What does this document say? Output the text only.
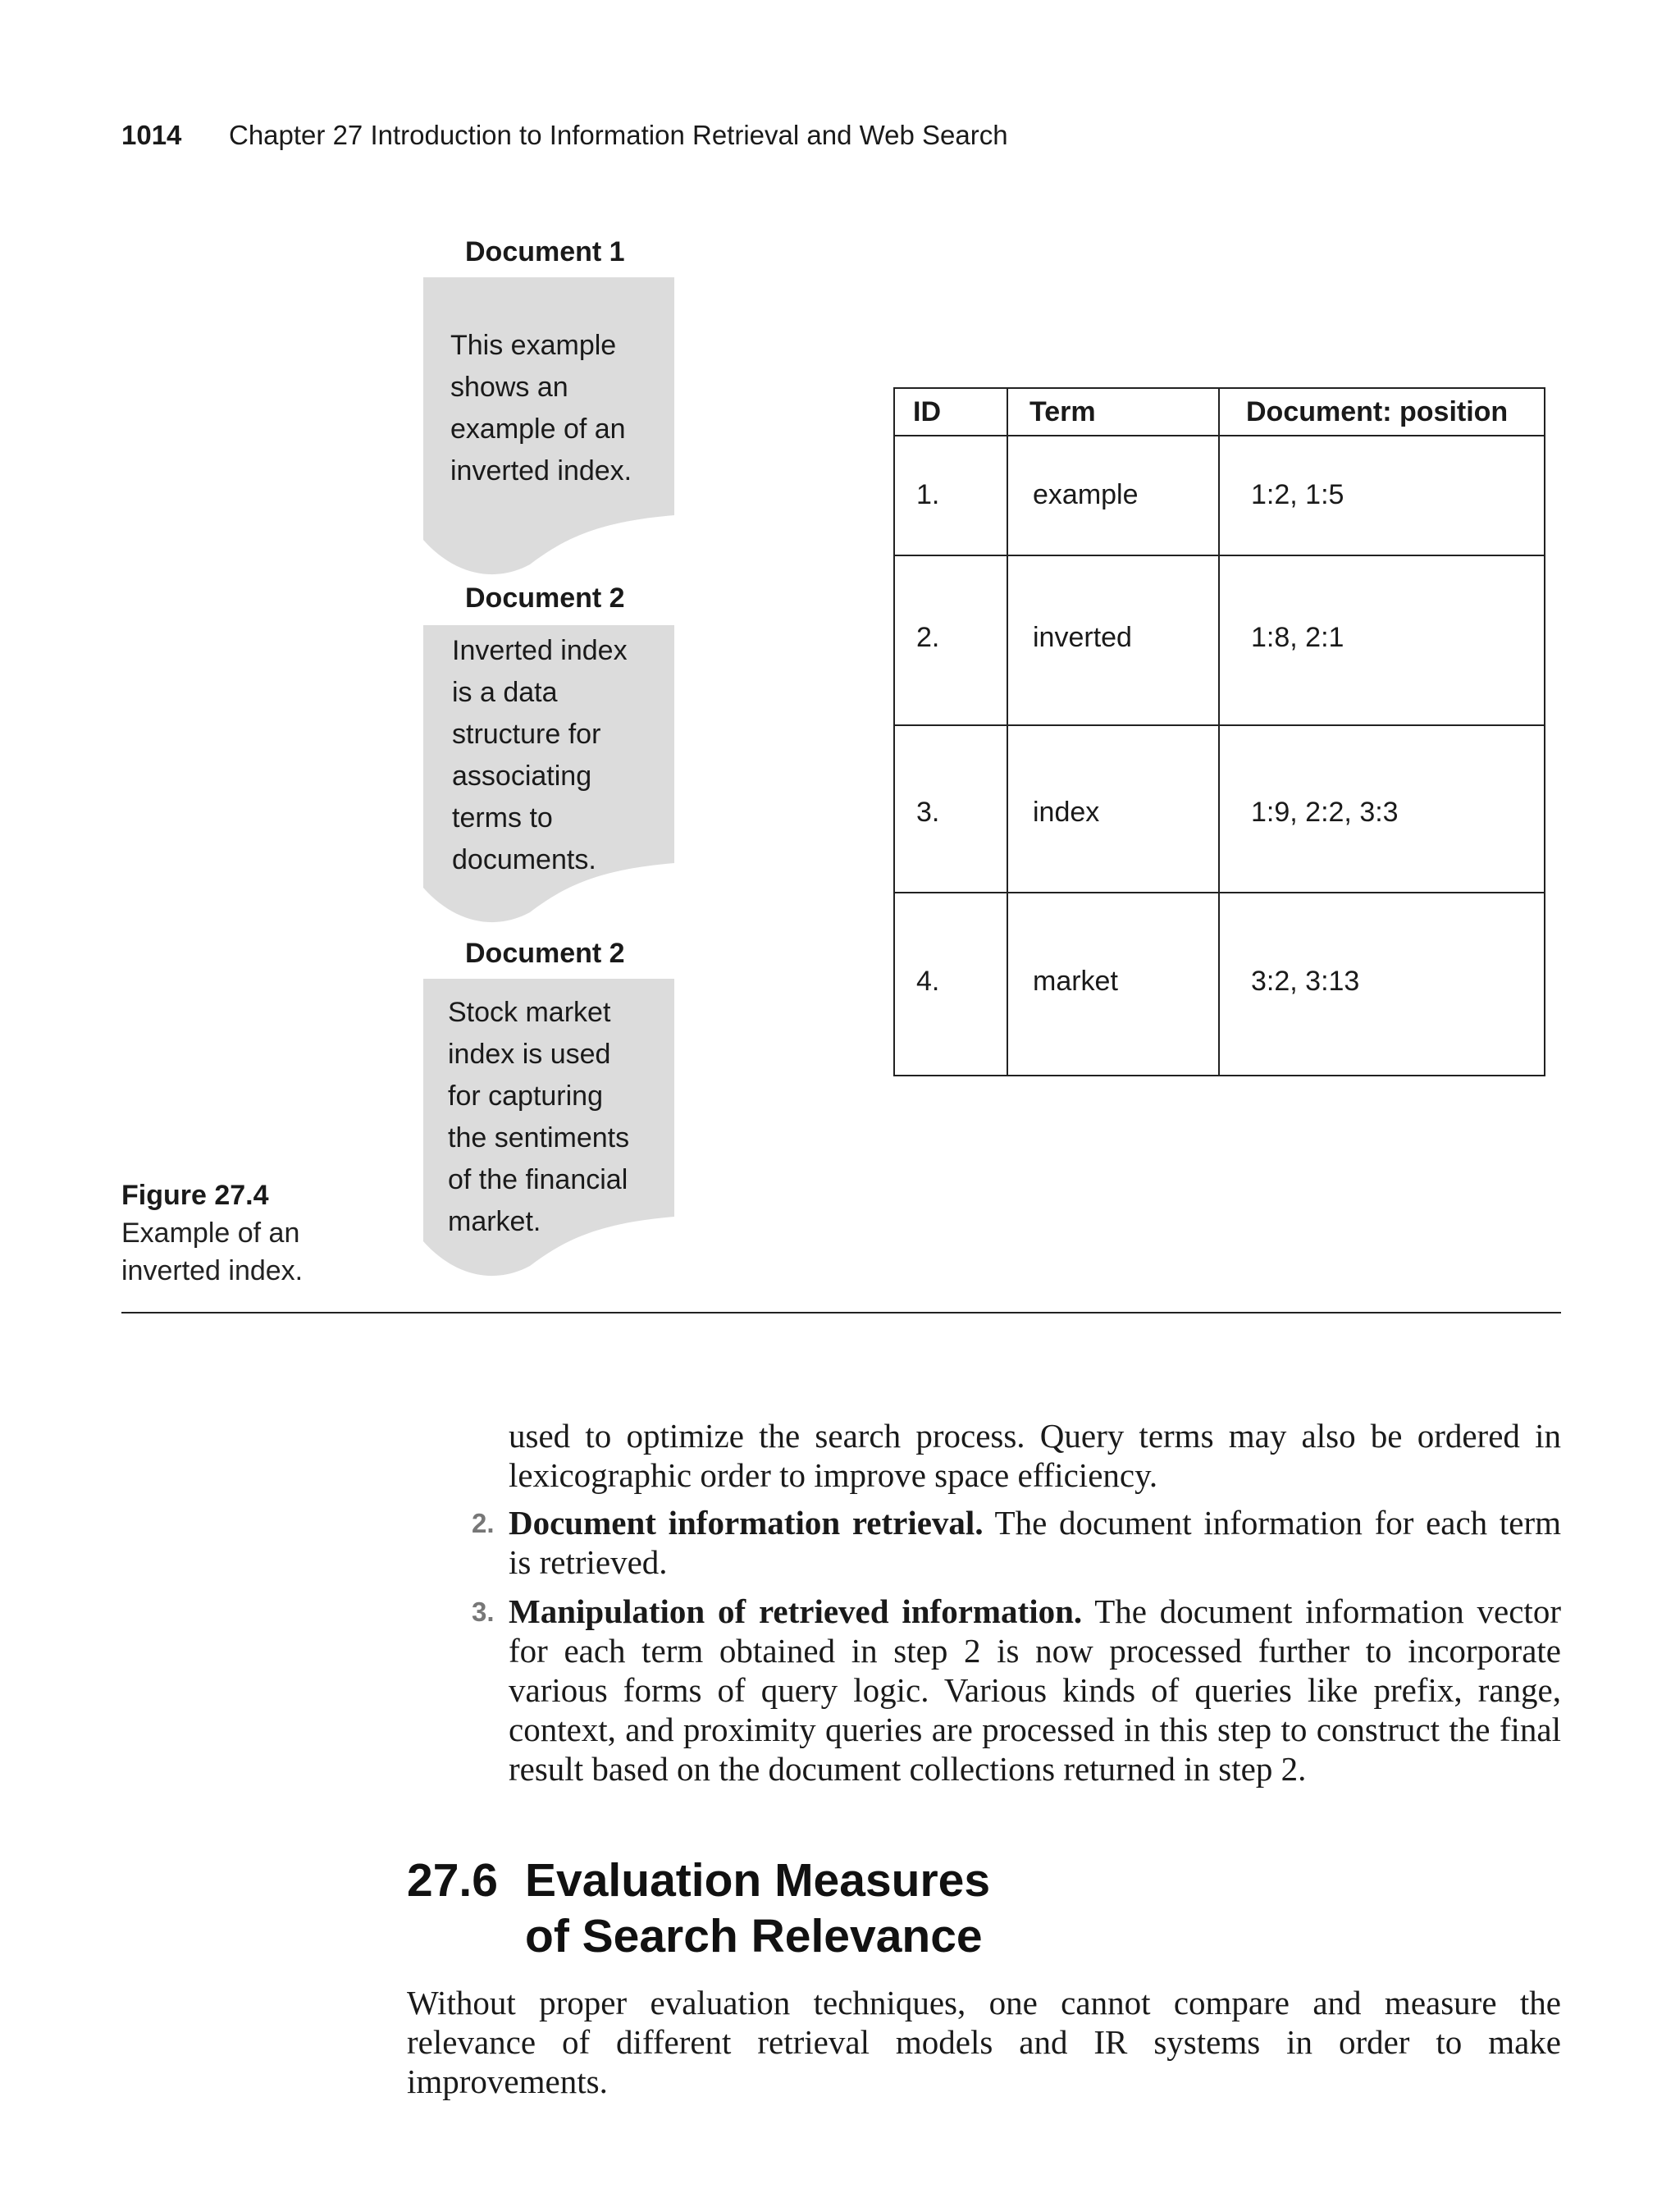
1014 Chapter 27 Introduction to Information Retrieval and Web Search
Document 1
This example
shows an
example of an
inverted index.
Document 2
Inverted index
is a data
structure for
associating
terms to
documents.
Document 2
Stock market
index is used
for capturing
the sentiments
of the financial
market.
ID	Term	Document: position
1.	example	1:2, 1:5
2.	inverted	1:8, 2:1
3.	index	1:9, 2:2, 3:3
4.	market	3:2, 3:13
Figure 27.4
Example of an inverted index.
used to optimize the search process. Query terms may also be ordered in lexicographic order to improve space efficiency.
2. Document information retrieval. The document information for each term is retrieved.
3. Manipulation of retrieved information. The document information vector for each term obtained in step 2 is now processed further to incorporate various forms of query logic. Various kinds of queries like prefix, range, context, and proximity queries are processed in this step to construct the final result based on the document collections returned in step 2.
27.6 Evaluation Measures
of Search Relevance
Without proper evaluation techniques, one cannot compare and measure the relevance of different retrieval models and IR systems in order to make improvements.
